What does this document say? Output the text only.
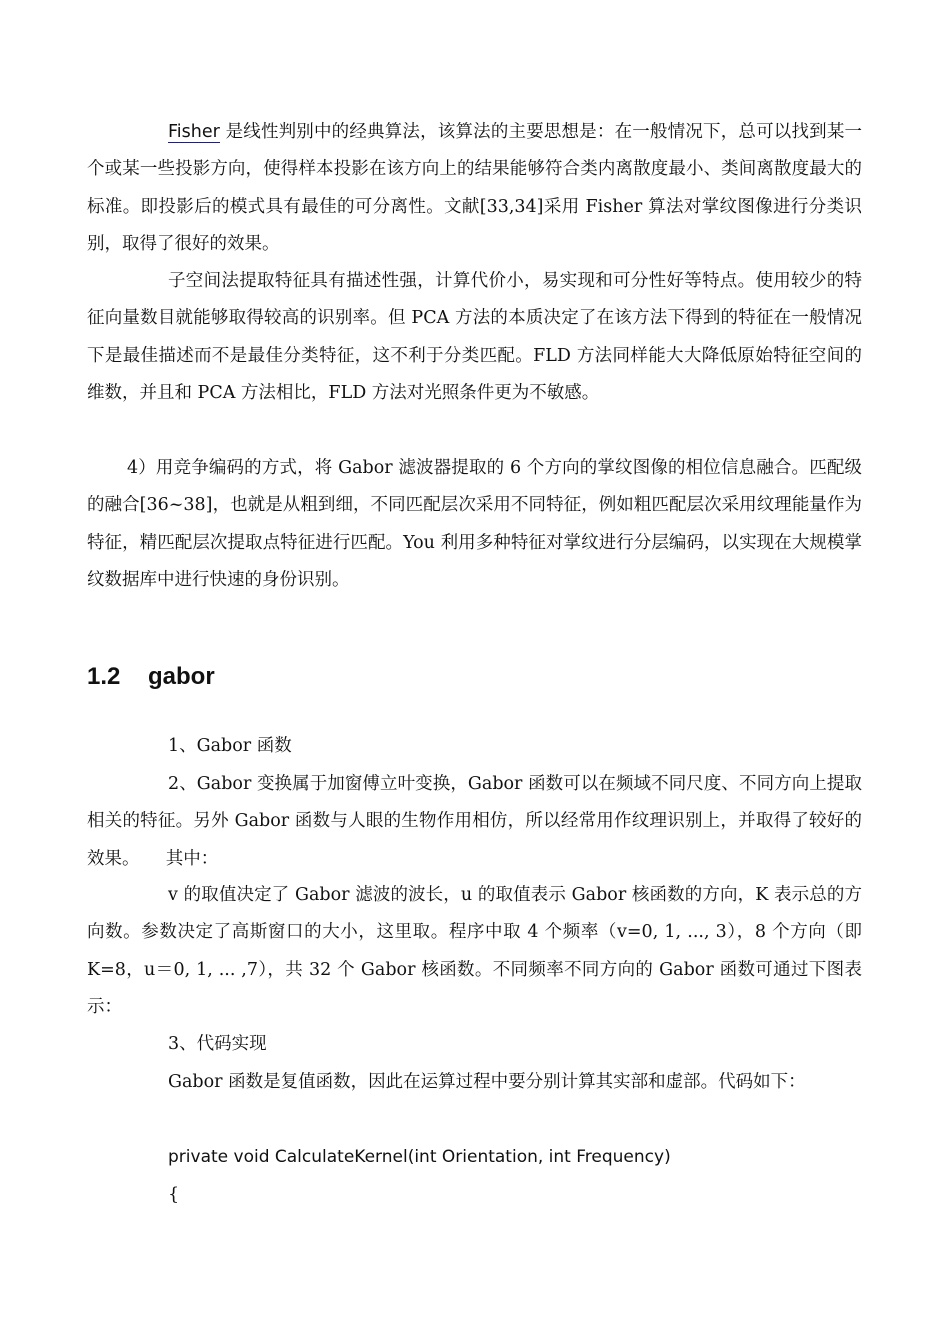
Fisher 是线性判别中的经典算法，该算法的主要思想是：在一般情况下，总可以找到某一个或某一些投影方向，使得样本投影在该方向上的结果能够符合类内离散度最小、类间离散度最大的标准。即投影后的模式具有最佳的可分离性。文献[33,34]采用 Fisher 算法对掌纹图像进行分类识别，取得了很好的效果。

子空间法提取特征具有描述性强，计算代价小，易实现和可分性好等特点。使用较少的特征向量数目就能够取得较高的识别率。但 PCA 方法的本质决定了在该方法下得到的特征在一般情况下是最佳描述而不是最佳分类特征，这不利于分类匹配。FLD 方法同样能大大降低原始特征空间的维数，并且和 PCA 方法相比，FLD 方法对光照条件更为不敏感。

4）用竞争编码的方式，将 Gabor 滤波器提取的 6 个方向的掌纹图像的相位信息融合。匹配级的融合[36~38]，也就是从粗到细，不同匹配层次采用不同特征，例如粗匹配层次采用纹理能量作为特征，精匹配层次提取点特征进行匹配。You 利用多种特征对掌纹进行分层编码，以实现在大规模掌纹数据库中进行快速的身份识别。

1.2 gabor

1、Gabor 函数

2、Gabor 变换属于加窗傅立叶变换，Gabor 函数可以在频域不同尺度、不同方向上提取相关的特征。另外 Gabor 函数与人眼的生物作用相仿，所以经常用作纹理识别上，并取得了较好的效果。　　其中：

v 的取值决定了 Gabor 滤波的波长，u 的取值表示 Gabor 核函数的方向，K 表示总的方向数。参数决定了高斯窗口的大小，这里取。程序中取 4 个频率（v=0, 1, ..., 3），8 个方向（即 K=8，u＝0, 1, ... ,7），共 32 个 Gabor 核函数。不同频率不同方向的 Gabor 函数可通过下图表示：

3、代码实现

Gabor 函数是复值函数，因此在运算过程中要分别计算其实部和虚部。代码如下：

private void CalculateKernel(int Orientation, int Frequency)

{
